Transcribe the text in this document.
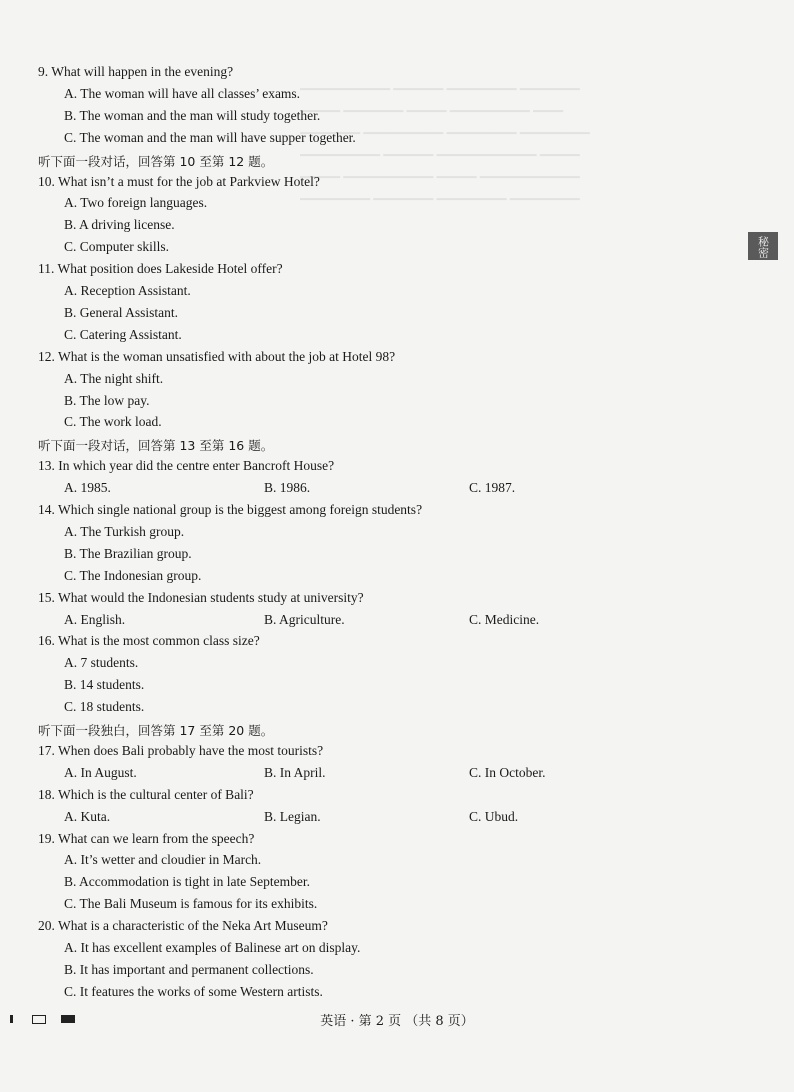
▁▁▁▁▁▁▁▁▁ ▁▁▁▁▁ ▁▁▁▁▁▁▁ ▁▁▁▁▁▁
▁▁▁▁ ▁▁▁▁▁▁ ▁▁▁▁ ▁▁▁▁▁▁▁▁ ▁▁▁
▁▁▁▁▁▁ ▁▁▁▁▁▁▁▁ ▁▁▁▁▁▁▁ ▁▁▁▁▁▁▁
▁▁▁▁▁▁▁▁ ▁▁▁▁▁ ▁▁▁▁▁▁▁▁▁▁ ▁▁▁▁
▁▁▁▁ ▁▁▁▁▁▁▁▁▁ ▁▁▁▁ ▁▁▁▁▁▁▁▁▁▁
▁▁▁▁▁▁▁ ▁▁▁▁▁▁ ▁▁▁▁▁▁▁ ▁▁▁▁▁▁▁
9. What will happen in the evening?
A. The woman will have all classes’ exams.
B. The woman and the man will study together.
C. The woman and the man will have supper together.
听下面一段对话，回答第 10 至第 12 题。
10. What isn’t a must for the job at Parkview Hotel?
A. Two foreign languages.
B. A driving license.
C. Computer skills.
11. What position does Lakeside Hotel offer?
A. Reception Assistant.
B. General Assistant.
C. Catering Assistant.
12. What is the woman unsatisfied with about the job at Hotel 98?
A. The night shift.
B. The low pay.
C. The work load.
听下面一段对话，回答第 13 至第 16 题。
13. In which year did the centre enter Bancroft House?
A. 1985.	B. 1986.	C. 1987.
14. Which single national group is the biggest among foreign students?
A. The Turkish group.
B. The Brazilian group.
C. The Indonesian group.
15. What would the Indonesian students study at university?
A. English.	B. Agriculture.	C. Medicine.
16. What is the most common class size?
A. 7 students.
B. 14 students.
C. 18 students.
听下面一段独白，回答第 17 至第 20 题。
17. When does Bali probably have the most tourists?
A. In August.	B. In April.	C. In October.
18. Which is the cultural center of Bali?
A. Kuta.	B. Legian.	C. Ubud.
19. What can we learn from the speech?
A. It’s wetter and cloudier in March.
B. Accommodation is tight in late September.
C. The Bali Museum is famous for its exhibits.
20. What is a characteristic of the Neka Art Museum?
A. It has excellent examples of Balinese art on display.
B. It has important and permanent collections.
C. It features the works of some Western artists.
秘密
英语 · 第 2 页 （共 8 页）
